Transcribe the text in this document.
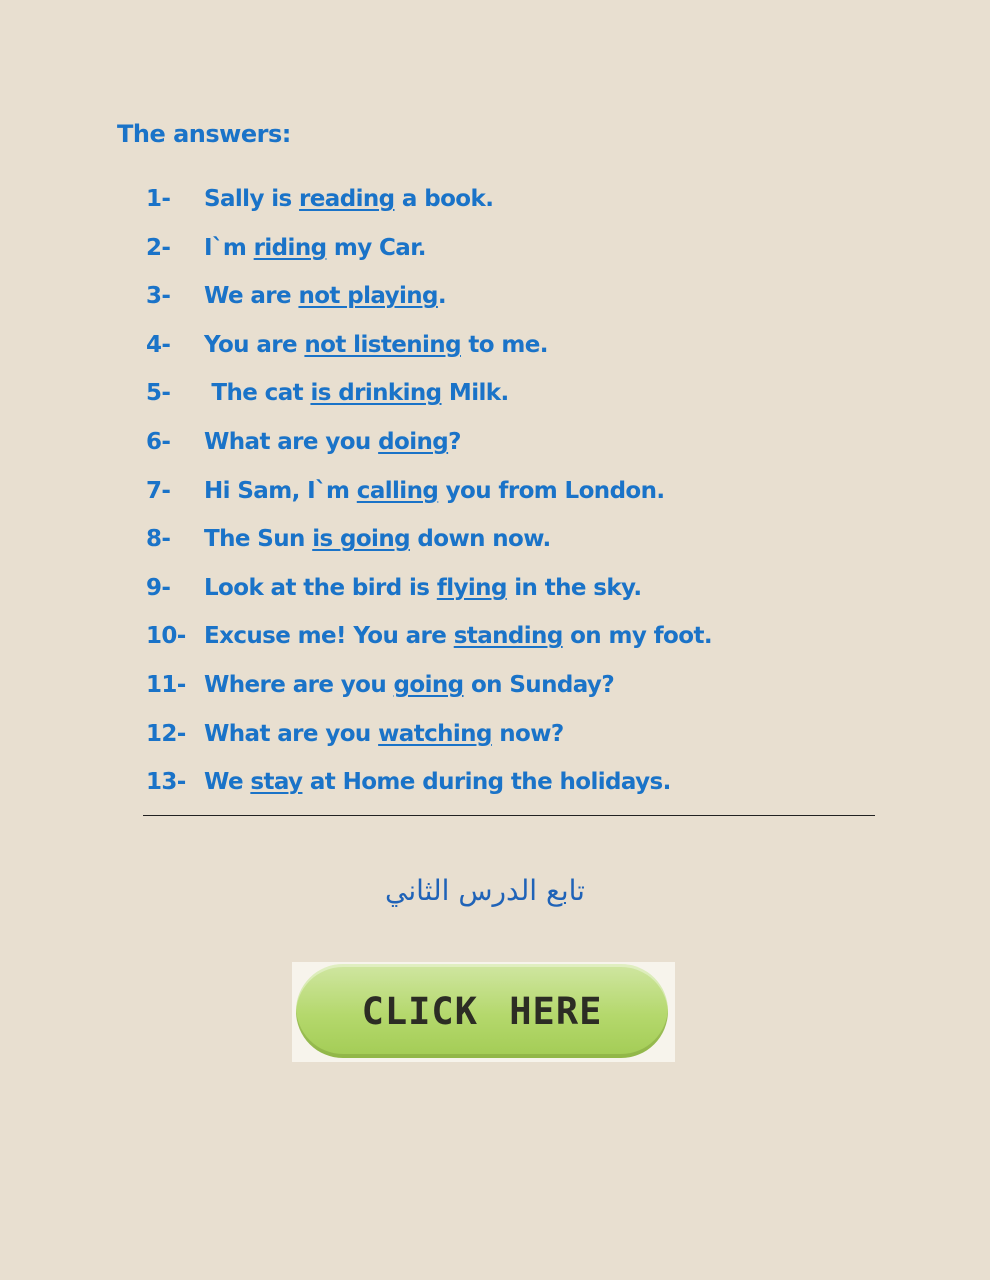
The answers:
1- Sally is reading a book.
2- I`m riding my Car.
3- We are not playing.
4- You are not listening to me.
5- The cat is drinking Milk.
6- What are you doing?
7- Hi Sam, I`m calling you from London.
8- The Sun is going down now.
9- Look at the bird is flying in the sky.
10- Excuse me! You are standing on my foot.
11- Where are you going on Sunday?
12- What are you watching now?
13- We stay at Home during the holidays.
تابع الدرس الثاني
CLICK HERE
